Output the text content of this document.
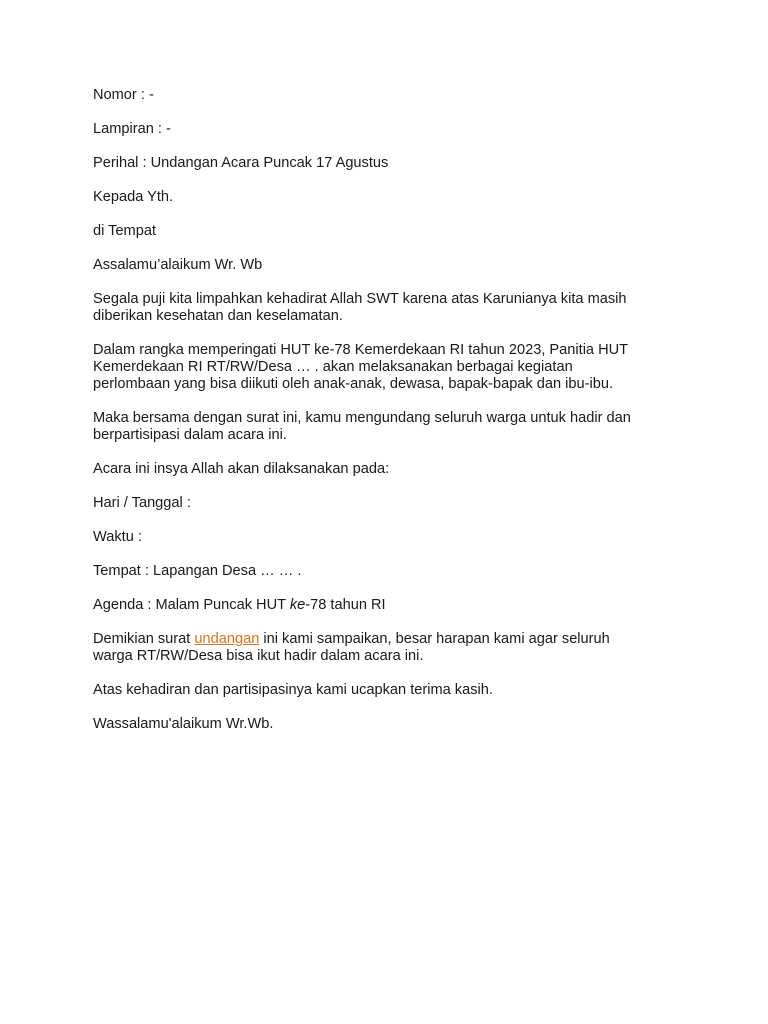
Nomor : -

Lampiran : -

Perihal : Undangan Acara Puncak 17 Agustus

Kepada Yth.

di Tempat

Assalamu’alaikum Wr. Wb

Segala puji kita limpahkan kehadirat Allah SWT karena atas Karunianya kita masih
diberikan kesehatan dan keselamatan.

Dalam rangka memperingati HUT ke-78 Kemerdekaan RI tahun 2023, Panitia HUT
Kemerdekaan RI RT/RW/Desa … . akan melaksanakan berbagai kegiatan
perlombaan yang bisa diikuti oleh anak-anak, dewasa, bapak-bapak dan ibu-ibu.

Maka bersama dengan surat ini, kamu mengundang seluruh warga untuk hadir dan
berpartisipasi dalam acara ini.

Acara ini insya Allah akan dilaksanakan pada:

Hari / Tanggal :

Waktu :

Tempat : Lapangan Desa … … .

Agenda : Malam Puncak HUT ke-78 tahun RI

Demikian surat undangan ini kami sampaikan, besar harapan kami agar seluruh
warga RT/RW/Desa bisa ikut hadir dalam acara ini.

Atas kehadiran dan partisipasinya kami ucapkan terima kasih.

Wassalamu'alaikum Wr.Wb.
